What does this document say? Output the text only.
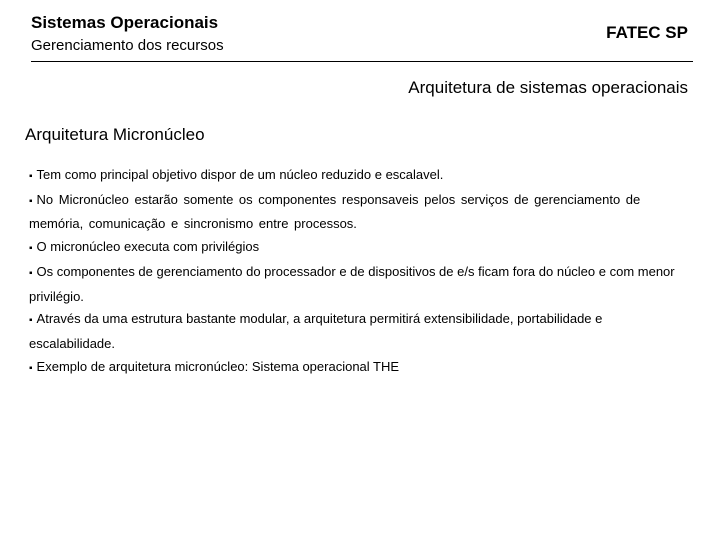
Sistemas Operacionais
Gerenciamento dos recursos
FATEC SP
Arquitetura de sistemas operacionais
Arquitetura Micronúcleo
▪ Tem como principal objetivo dispor de um núcleo reduzido e escalavel.
▪ No Micronúcleo estarão somente os componentes responsaveis pelos serviços de gerenciamento de memória, comunicação e sincronismo entre processos.
▪ O micronúcleo executa com privilégios
▪ Os componentes de gerenciamento do processador e de dispositivos de e/s ficam fora do núcleo e com menor privilégio.
▪ Através da uma estrutura bastante modular, a arquitetura permitirá extensibilidade, portabilidade e escalabilidade.
▪ Exemplo de arquitetura micronúcleo: Sistema operacional THE
